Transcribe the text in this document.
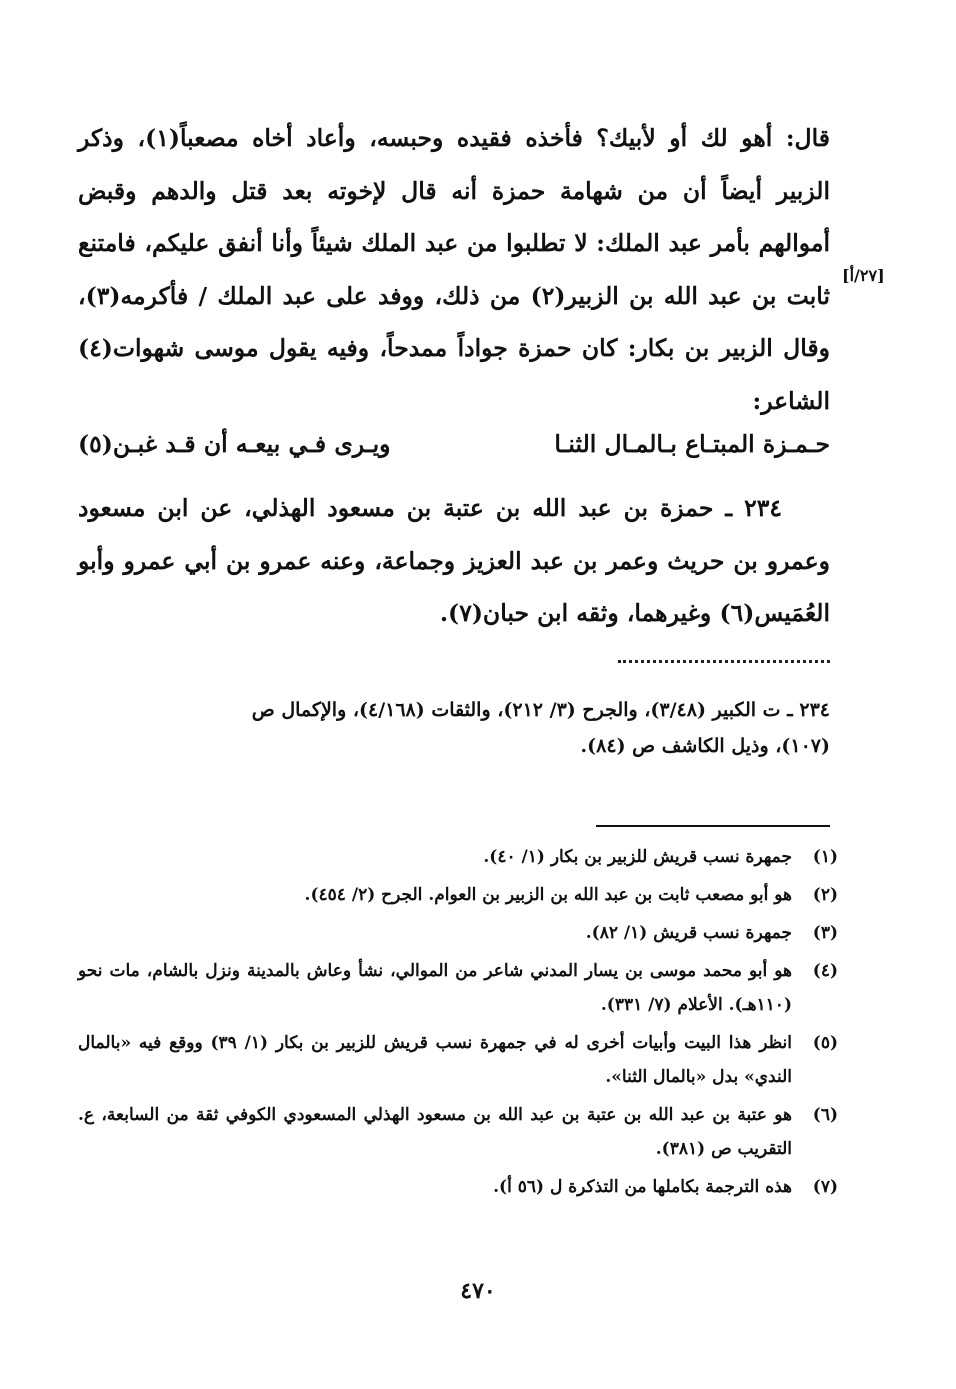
قال: أهو لك أو لأبيك؟ فأخذه فقيده وحبسه، وأعاد أخاه مصعباً(١)، وذكر الزبير أيضاً أن من شهامة حمزة أنه قال لإخوته بعد قتل والدهم وقبض أموالهم بأمر عبد الملك: لا تطلبوا من عبد الملك شيئاً وأنا أنفق عليكم، فامتنع ثابت بن عبد الله بن الزبير(٢) من ذلك، ووفد على عبد الملك / فأكرمه(٣)، وقال الزبير بن بكار: كان حمزة جواداً ممدحاً، وفيه يقول موسى شهوات(٤) الشاعر:

[٢٧/أ]
حـمـزة المبتـاع بـالمـال الثنـا
ويـرى فـي بيعـه أن قـد غبـن(٥)

٢٣٤ ـ حمزة بن عبد الله بن عتبة بن مسعود الهذلي، عن ابن مسعود وعمرو بن حريث وعمر بن عبد العزيز وجماعة، وعنه عمرو بن أبي عمرو وأبو العُمَيس(٦) وغيرهما، وثقه ابن حبان(٧).

٢٣٤ ـ ت الكبير (٣/٤٨)، والجرح (٣/ ٢١٢)، والثقات (٤/١٦٨)، والإكمال ص (١٠٧)، وذيل الكاشف ص (٨٤).

(١)
جمهرة نسب قريش للزبير بن بكار (١/ ٤٠).
(٢)
هو أبو مصعب ثابت بن عبد الله بن الزبير بن العوام. الجرح (٢/ ٤٥٤).
(٣)
جمهرة نسب قريش (١/ ٨٢).
(٤)
هو أبو محمد موسى بن يسار المدني شاعر من الموالي، نشأ وعاش بالمدينة ونزل بالشام، مات نحو (١١٠هـ). الأعلام (٧/ ٣٣١).
(٥)
انظر هذا البيت وأبيات أخرى له في جمهرة نسب قريش للزبير بن بكار (١/ ٣٩) ووقع فيه «بالمال الندي» بدل «بالمال الثنا».
(٦)
هو عتبة بن عبد الله بن عتبة بن عبد الله بن مسعود الهذلي المسعودي الكوفي ثقة من السابعة، ع. التقريب ص (٣٨١).
(٧)
هذه الترجمة بكاملها من التذكرة ل (٥٦ أ).
٤٧٠
